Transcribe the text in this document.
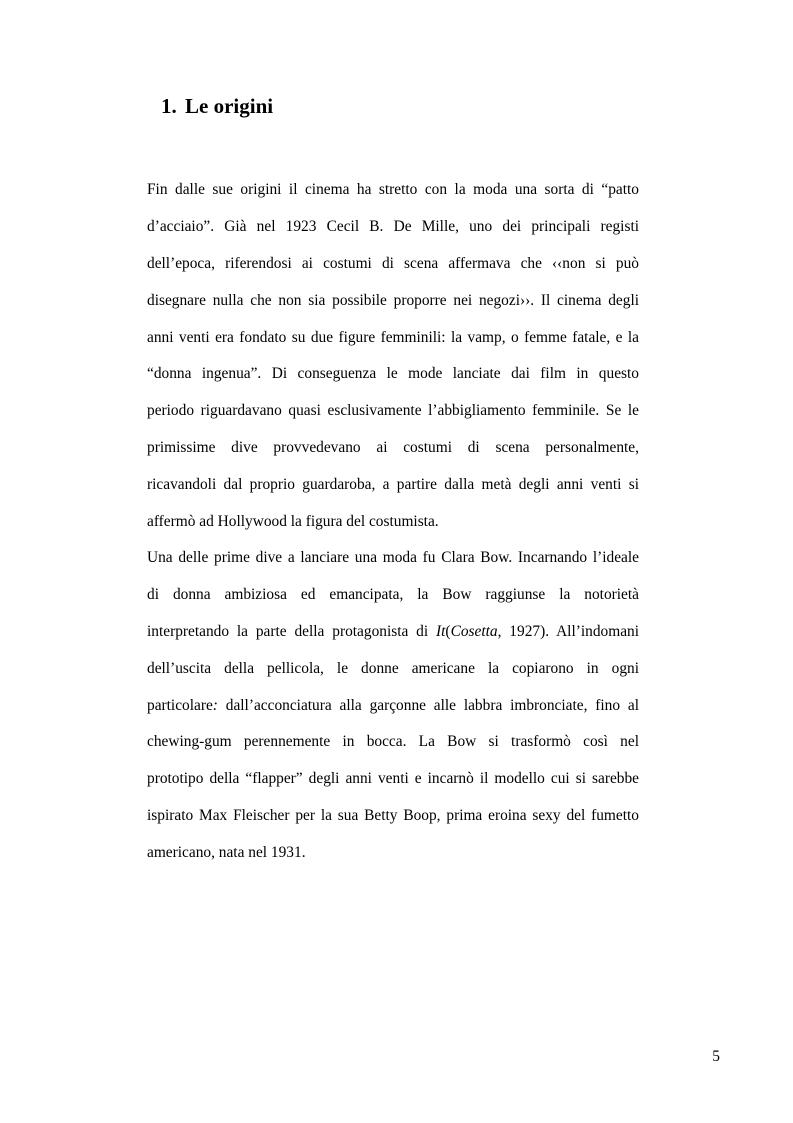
1. Le origini
Fin dalle sue origini il cinema ha stretto con la moda una sorta di “patto
d’acciaio”. Già nel 1923 Cecil B. De Mille, uno dei principali registi
dell’epoca, riferendosi ai costumi di scena affermava che ‹‹non si può
disegnare nulla che non sia possibile proporre nei negozi››. Il cinema degli
anni venti era fondato su due figure femminili: la vamp, o femme fatale, e la
“donna ingenua”. Di conseguenza le mode lanciate dai film in questo
periodo riguardavano quasi esclusivamente l’abbigliamento femminile. Se le
primissime dive provvedevano ai costumi di scena personalmente,
ricavandoli dal proprio guardaroba, a partire dalla metà degli anni venti si
affermò ad Hollywood la figura del costumista.
Una delle prime dive a lanciare una moda fu Clara Bow. Incarnando l’ideale
di donna ambiziosa ed emancipata, la Bow raggiunse la notorietà
interpretando la parte della protagonista di It(Cosetta, 1927). All’indomani
dell’uscita della pellicola, le donne americane la copiarono in ogni
particolare: dall’acconciatura alla garçonne alle labbra imbronciate, fino al
chewing-gum perennemente in bocca. La Bow si trasformò così nel
prototipo della “flapper” degli anni venti e incarnò il modello cui si sarebbe
ispirato Max Fleischer per la sua Betty Boop, prima eroina sexy del fumetto
americano, nata nel 1931.

5
